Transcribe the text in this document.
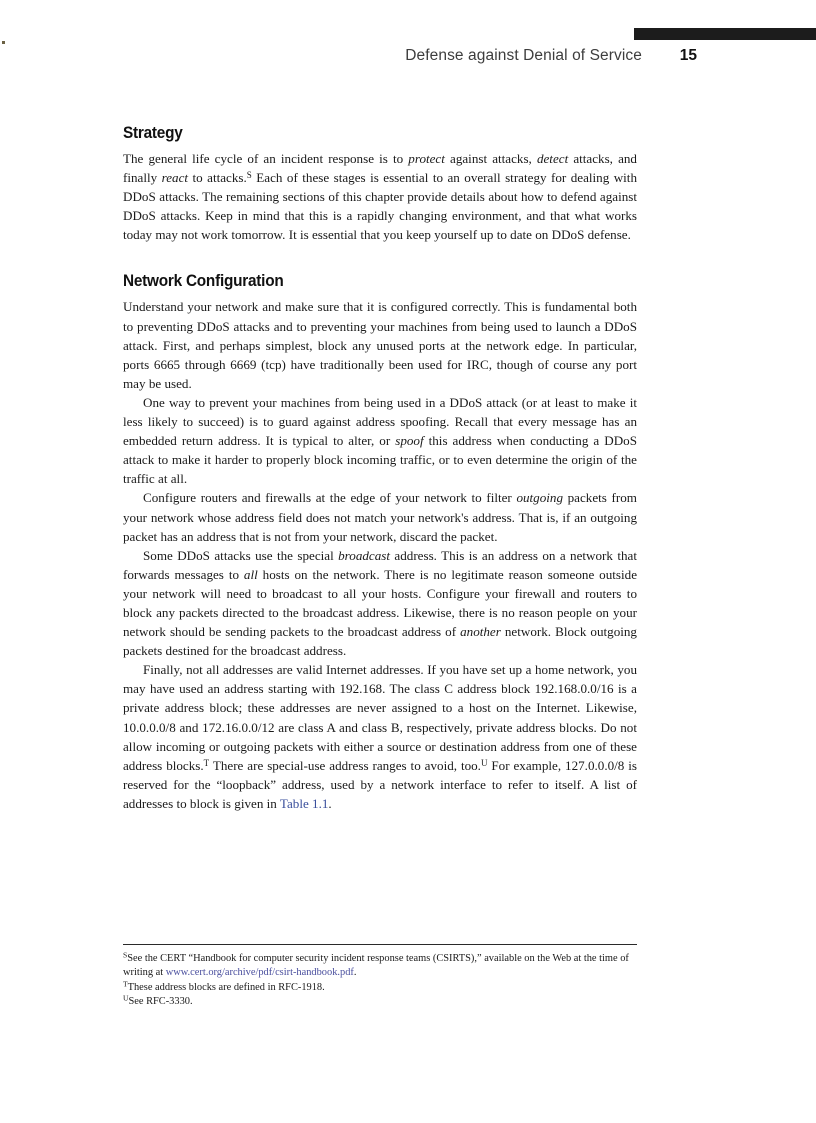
Defense against Denial of Service	15
Strategy

The general life cycle of an incident response is to protect against attacks, detect attacks, and finally react to attacks.$^S$ Each of these stages is essential to an overall strategy for dealing with DDoS attacks. The remaining sections of this chapter provide details about how to defend against DDoS attacks. Keep in mind that this is a rapidly changing environment, and that what works today may not work tomorrow. It is essential that you keep yourself up to date on DDoS defense.

Network Configuration

Understand your network and make sure that it is configured correctly. This is fundamental both to preventing DDoS attacks and to preventing your machines from being used to launch a DDoS attack. First, and perhaps simplest, block any unused ports at the network edge. In particular, ports 6665 through 6669 (tcp) have traditionally been used for IRC, though of course any port may be used.

One way to prevent your machines from being used in a DDoS attack (or at least to make it less likely to succeed) is to guard against address spoofing. Recall that every message has an embedded return address. It is typical to alter, or spoof this address when conducting a DDoS attack to make it harder to properly block incoming traffic, or to even determine the origin of the traffic at all.

Configure routers and firewalls at the edge of your network to filter outgoing packets from your network whose address field does not match your network's address. That is, if an outgoing packet has an address that is not from your network, discard the packet.

Some DDoS attacks use the special broadcast address. This is an address on a network that forwards messages to all hosts on the network. There is no legitimate reason someone outside your network will need to broadcast to all your hosts. Configure your firewall and routers to block any packets directed to the broadcast address. Likewise, there is no reason people on your network should be sending packets to the broadcast address of another network. Block outgoing packets destined for the broadcast address.

Finally, not all addresses are valid Internet addresses. If you have set up a home network, you may have used an address starting with 192.168. The class C address block 192.168.0.0/16 is a private address block; these addresses are never assigned to a host on the Internet. Likewise, 10.0.0.0/8 and 172.16.0.0/12 are class A and class B, respectively, private address blocks. Do not allow incoming or outgoing packets with either a source or destination address from one of these address blocks.$^T$ There are special-use address ranges to avoid, too.$^U$ For example, 127.0.0.0/8 is reserved for the “loopback” address, used by a network interface to refer to itself. A list of addresses to block is given in Table 1.1.

$^S$See the CERT “Handbook for computer security incident response teams (CSIRTS),” available on the Web at the time of writing at www.cert.org/archive/pdf/csirt-handbook.pdf.

$^T$These address blocks are defined in RFC-1918.

$^U$See RFC-3330.
